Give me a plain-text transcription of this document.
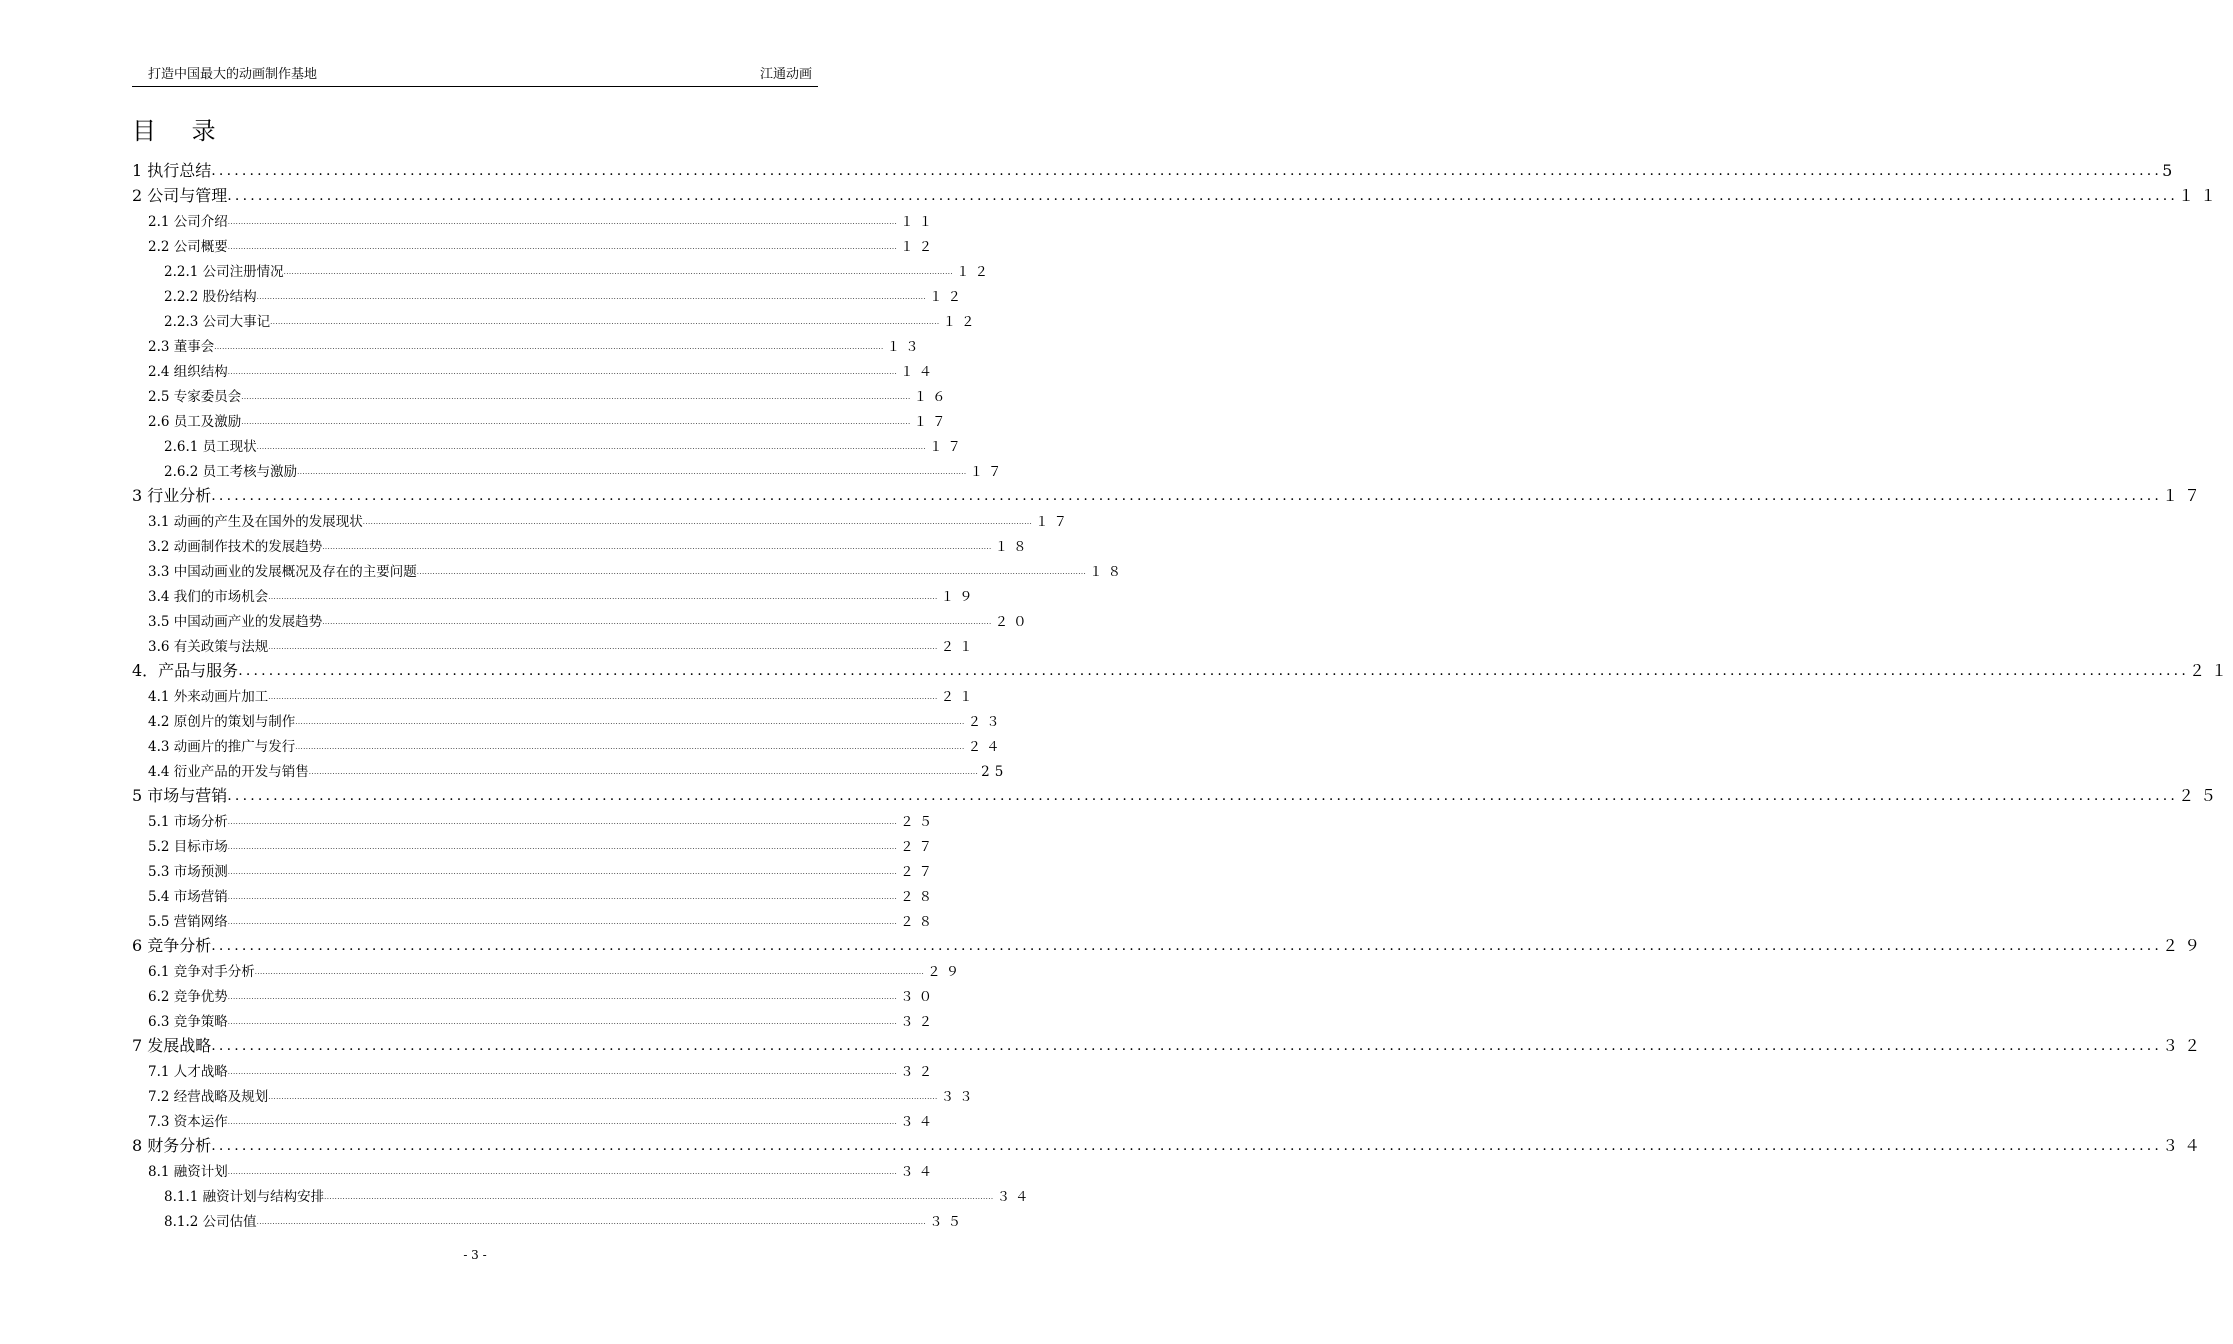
打造中国最大的动画制作基地	江通动画
目 录
1 执行总结 ............................................................................................................................................................................................................................................................... 5
2 公司与管理 ............................................................................................................................................................................................................................................................... １１
2.1 公司介绍 ............................................................................................................................................................................................................................................................... １１
2.2 公司概要 ............................................................................................................................................................................................................................................................... １２
2.2.1 公司注册情况 ............................................................................................................................................................................................................................................................... １２
2.2.2 股份结构 ............................................................................................................................................................................................................................................................... １２
2.2.3 公司大事记 ............................................................................................................................................................................................................................................................... １２
2.3 董事会 ............................................................................................................................................................................................................................................................... １３
2.4 组织结构 ............................................................................................................................................................................................................................................................... １４
2.5 专家委员会 ............................................................................................................................................................................................................................................................... １６
2.6 员工及激励 ............................................................................................................................................................................................................................................................... １７
2.6.1 员工现状 ............................................................................................................................................................................................................................................................... １７
2.6.2 员工考核与激励 ............................................................................................................................................................................................................................................................... １７
3 行业分析 ............................................................................................................................................................................................................................................................... １７
3.1 动画的产生及在国外的发展现状 ............................................................................................................................................................................................................................................................... １７
3.2 动画制作技术的发展趋势 ............................................................................................................................................................................................................................................................... １８
3.3 中国动画业的发展概况及存在的主要问题 ............................................................................................................................................................................................................................................................... １８
3.4 我们的市场机会 ............................................................................................................................................................................................................................................................... １９
3.5 中国动画产业的发展趋势 ............................................................................................................................................................................................................................................................... ２０
3.6 有关政策与法规 ............................................................................................................................................................................................................................................................... ２１
4．产品与服务 ............................................................................................................................................................................................................................................................... ２１
4.1 外来动画片加工 ............................................................................................................................................................................................................................................................... ２１
4.2 原创片的策划与制作 ............................................................................................................................................................................................................................................................... ２３
4.3 动画片的推广与发行 ............................................................................................................................................................................................................................................................... ２４
4.4 衍业产品的开发与销售 ............................................................................................................................................................................................................................................................... 25
5 市场与营销 ............................................................................................................................................................................................................................................................... ２５
5.1 市场分析 ............................................................................................................................................................................................................................................................... ２５
5.2 目标市场 ............................................................................................................................................................................................................................................................... ２７
5.3 市场预测 ............................................................................................................................................................................................................................................................... ２７
5.4 市场营销 ............................................................................................................................................................................................................................................................... ２８
5.5 营销网络 ............................................................................................................................................................................................................................................................... ２８
6 竞争分析 ............................................................................................................................................................................................................................................................... ２９
6.1 竞争对手分析 ............................................................................................................................................................................................................................................................... ２９
6.2 竞争优势 ............................................................................................................................................................................................................................................................... ３０
6.3 竞争策略 ............................................................................................................................................................................................................................................................... ３２
7 发展战略 ............................................................................................................................................................................................................................................................... ３２
7.1 人才战略 ............................................................................................................................................................................................................................................................... ３２
7.2 经营战略及规划 ............................................................................................................................................................................................................................................................... ３３
7.3 资本运作 ............................................................................................................................................................................................................................................................... ３４
8 财务分析 ............................................................................................................................................................................................................................................................... ３４
8.1 融资计划 ............................................................................................................................................................................................................................................................... ３４
8.1.1 融资计划与结构安排 ............................................................................................................................................................................................................................................................... ３４
8.1.2 公司估值 ............................................................................................................................................................................................................................................................... ３５
- 3 -
